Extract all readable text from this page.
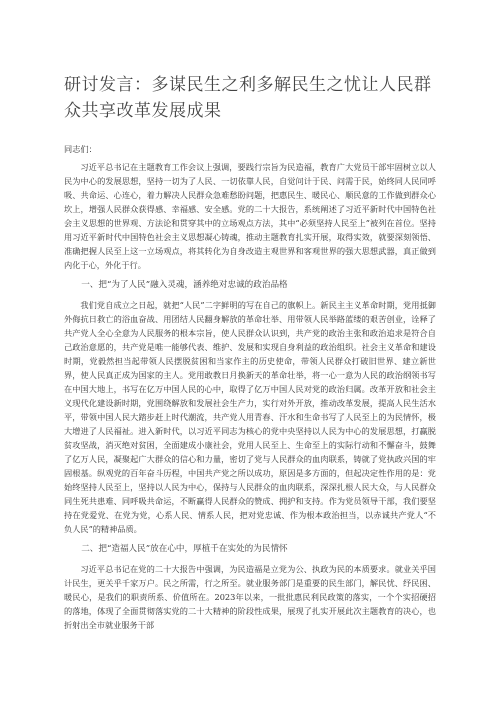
研讨发言：多谋民生之利多解民生之忧让人民群众共享改革发展成果

同志们：

习近平总书记在主题教育工作会议上强调，要践行宗旨为民造福，教育广大党员干部牢固树立以人民为中心的发展思想，坚持一切为了人民、一切依靠人民，自觉问计于民、问需于民，始终同人民同呼吸、共命运、心连心，着力解决人民群众急难愁盼问题，把惠民生、暖民心、顺民意的工作做到群众心坎上，增强人民群众获得感、幸福感、安全感。党的二十大报告，系统阐述了习近平新时代中国特色社会主义思想的世界观、方法论和贯穿其中的立场观点方法，其中“必须坚持人民至上”被列在首位。坚持用习近平新时代中国特色社会主义思想凝心铸魂，推动主题教育扎实开展，取得实效，就要深刻领悟、准确把握人民至上这一立场观点，将其转化为自身改造主观世界和客观世界的强大思想武器，真正做到内化于心，外化于行。

一、把“为了人民”融入灵魂，涵养绝对忠诚的政治品格

我们党自成立之日起，就把“人民”二字鲜明的写在自己的旗帜上。新民主主义革命时期，党用抵御外侮抗日救亡的浴血奋战、用团结人民翻身解放的革命壮举、用带领人民举路蓝缕的艰苦创业，诠释了共产党人全心全意为人民服务的根本宗旨，使人民群众认识到，共产党的政治主张和政治追求是符合自己政治意愿的，共产党是唯一能够代表、维护、发展和实现自身利益的政治组织。社会主义革命和建设时期，党毅然担当起带领人民摆脱贫困和当家作主的历史使命，带领人民群众打破旧世界、建立新世界，使人民真正成为国家的主人。党用敢教日月换新天的革命壮举，将一心一意为人民的政治纲领书写在中国大地上，书写在亿万中国人民的心中，取得了亿万中国人民对党的政治归属。改革开放和社会主义现代化建设新时期，党围绕解放和发展社会生产力，实行对外开放，推动改革发展，提高人民生活水平，带领中国人民大踏步赶上时代潮流，共产党人用青春、汗水和生命书写了人民至上的为民情怀，极大增进了人民福祉。进入新时代，以习近平同志为核心的党中央坚持以人民为中心的发展思想，打赢脱贫攻坚战，消灭绝对贫困，全面建成小康社会，党用人民至上、生命至上的实际行动和不懈奋斗，鼓舞了亿万人民，凝聚起广大群众的信心和力量，密切了党与人民群众的血肉联系，铸就了党执政兴国的牢固根基。纵观党的百年奋斗历程，中国共产党之所以成功，原因是多方面的，但起决定性作用的是：党始终坚持人民至上，坚持以人民为中心，保持与人民群众的血肉联系，深深扎根人民大众，与人民群众同生死共患难、同呼吸共命运，不断赢得人民群众的赞成、拥护和支持。作为党员领导干部，我们要坚持在党爱党、在党为党，心系人民、情系人民，把对党忠诚、作为根本政治担当，以赤诚共产党人“不负人民”的精神品质。

二、把“造福人民”放在心中，厚植千在实处的为民情怀

习近平总书记在党的二十大报告中强调，为民造福是立党为公、执政为民的本质要求。就业关乎国计民生，更关乎千家万户。民之所需，行之所至。就业服务部门是重要的民生部门，解民忧、纾民困、暖民心，是我们的职责所系、价值所在。2023年以来，一批批惠民利民政策的落实，一个个实招硬招的落地，体现了全面贯彻落实党的二十大精神的阶段性成果，展现了扎实开展此次主题教育的决心，也折射出全市就业服务干部
